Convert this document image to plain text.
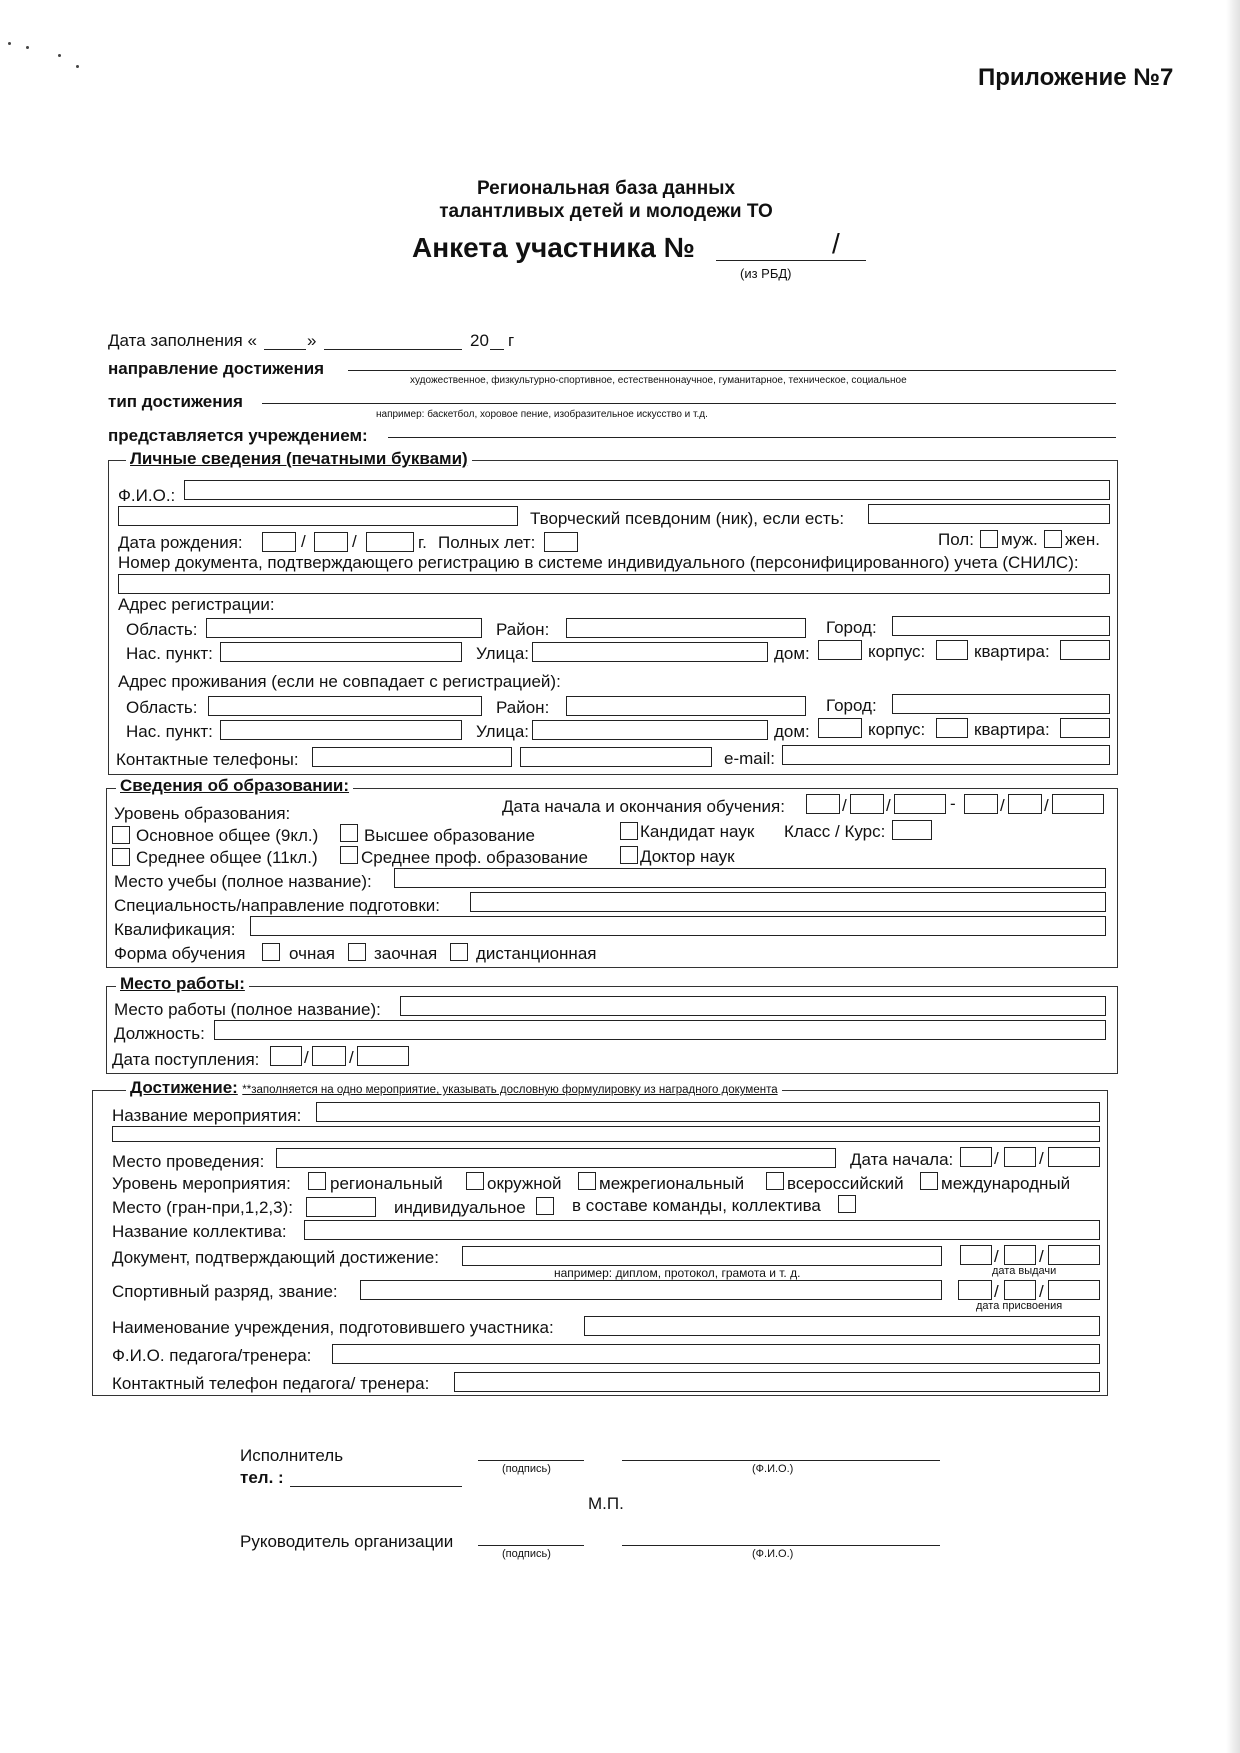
Приложение №7
Региональная база данных
талантливых детей и молодежи ТО
Анкета участника №	/
(из РБД)
Дата заполнения «	»	20 г
направление достижения
художественное, физкультурно-спортивное, естественнонаучное, гуманитарное, техническое, социальное
тип достижения
например: баскетбол, хоровое пение, изобразительное искусство и т.д.
представляется учреждением:
Личные сведения (печатными буквами)
Ф.И.О.:
Творческий псевдоним (ник), если есть:
Дата рождения:	/	/	г. Полных лет:	Пол: муж. жен.
Номер документа, подтверждающего регистрацию в системе индивидуального (персонифицированного) учета (СНИЛС):
Адрес регистрации:
Область:	Район:	Город:
Нас. пункт:	Улица:	дом:	корпус:	квартира:
Адрес проживания (если не совпадает с регистрацией):
Область:	Район:	Город:
Нас. пункт:	Улица:	дом:	корпус:	квартира:
Контактные телефоны:	e-mail:
Сведения об образовании:
Уровень образования:	Дата начала и окончания обучения:	/ /	-	/ /
Основное общее (9кл.)	Высшее образование	Кандидат наук Класс / Курс:
Среднее общее (11кл.)	Среднее проф. образование	Доктор наук
Место учебы (полное название):
Специальность/направление подготовки:
Квалификация:
Форма обучения	очная заочная дистанционная
Место работы:
Место работы (полное название):
Должность:
Дата поступления:	/ /
Достижение: **заполняется на одно мероприятие, указывать дословную формулировку из наградного документа
Название мероприятия:
Место проведения:	Дата начала: / /
Уровень мероприятия: региональный	окружной межрегиональный	всероссийский международный
Место (гран-при,1,2,3):	индивидуальное	в составе команды, коллектива
Название коллектива:
Документ, подтверждающий достижение:
например: диплом, протокол, грамота и т. д.
/ /
дата выдачи
Спортивный разряд, звание:	/ /
дата присвоения
Наименование учреждения, подготовившего участника:
Ф.И.О. педагога/тренера:
Контактный телефон педагога/ тренера:
Исполнитель
тел. :	(подпись)	(Ф.И.О.)
М.П.
Руководитель организации
(подпись)	(Ф.И.О.)
